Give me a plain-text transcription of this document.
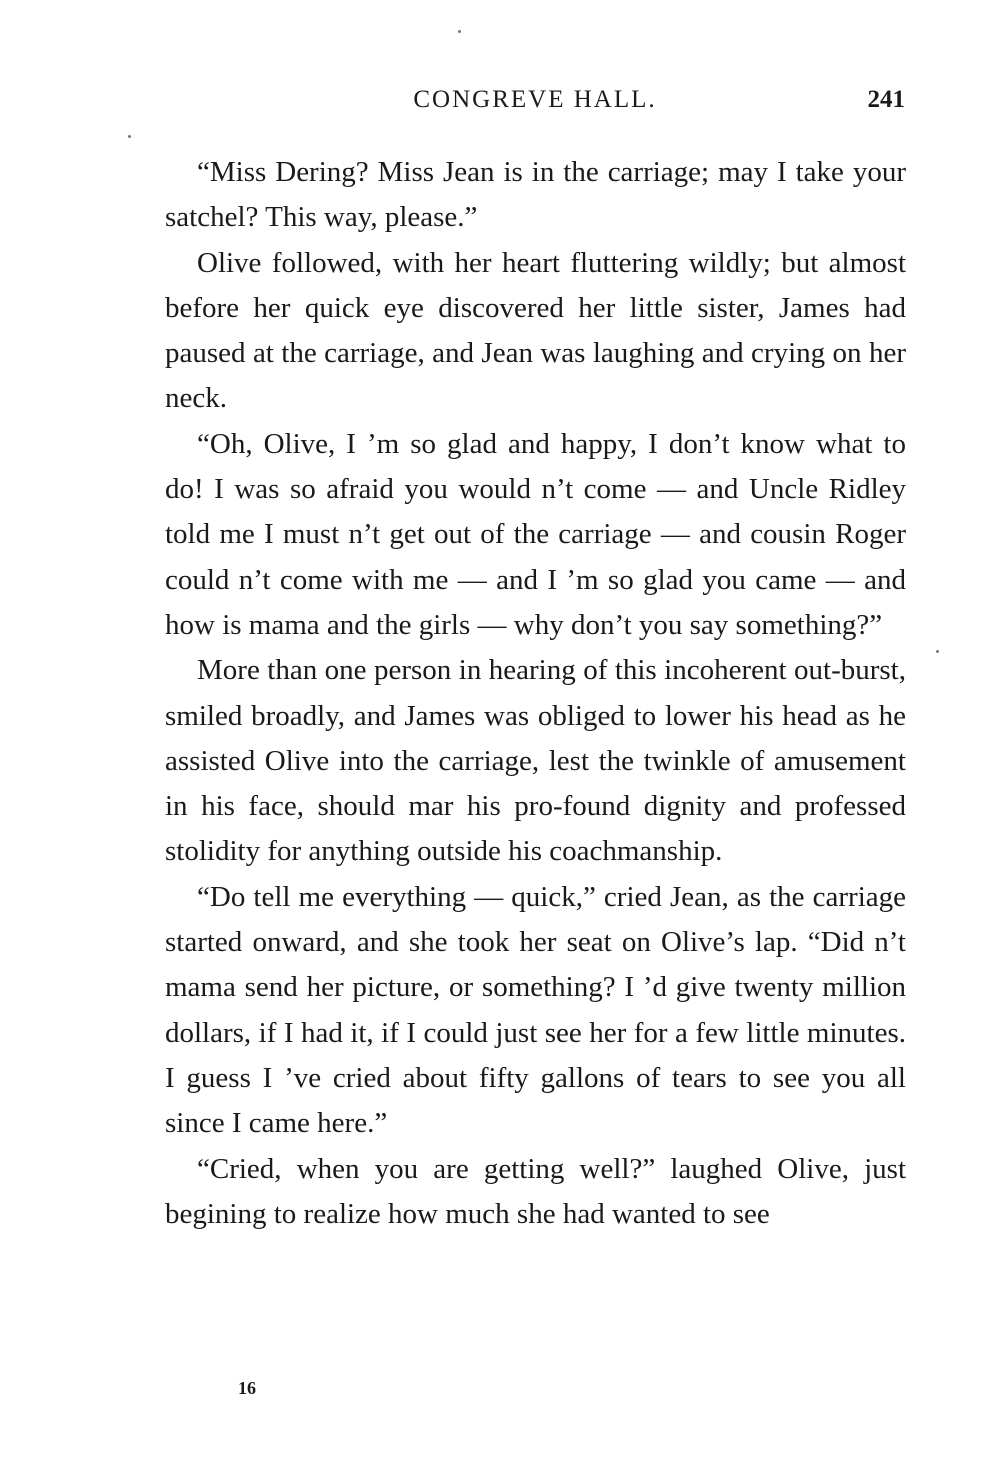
CONGREVE HALL.	241

“Miss Dering? Miss Jean is in the carriage; may I take your satchel? This way, please.”

Olive followed, with her heart fluttering wildly; but almost before her quick eye discovered her little sister, James had paused at the carriage, and Jean was laughing and crying on her neck.

“Oh, Olive, I ’m so glad and happy, I don’t know what to do! I was so afraid you would n’t come — and Uncle Ridley told me I must n’t get out of the carriage — and cousin Roger could n’t come with me — and I ’m so glad you came — and how is mama and the girls — why don’t you say something?”

More than one person in hearing of this incoherent out-burst, smiled broadly, and James was obliged to lower his head as he assisted Olive into the carriage, lest the twinkle of amusement in his face, should mar his pro-found dignity and professed stolidity for anything outside his coachmanship.

“Do tell me everything — quick,” cried Jean, as the carriage started onward, and she took her seat on Olive’s lap. “Did n’t mama send her picture, or something? I ’d give twenty million dollars, if I had it, if I could just see her for a few little minutes. I guess I ’ve cried about fifty gallons of tears to see you all since I came here.”

“Cried, when you are getting well?” laughed Olive, just begining to realize how much she had wanted to see

16
